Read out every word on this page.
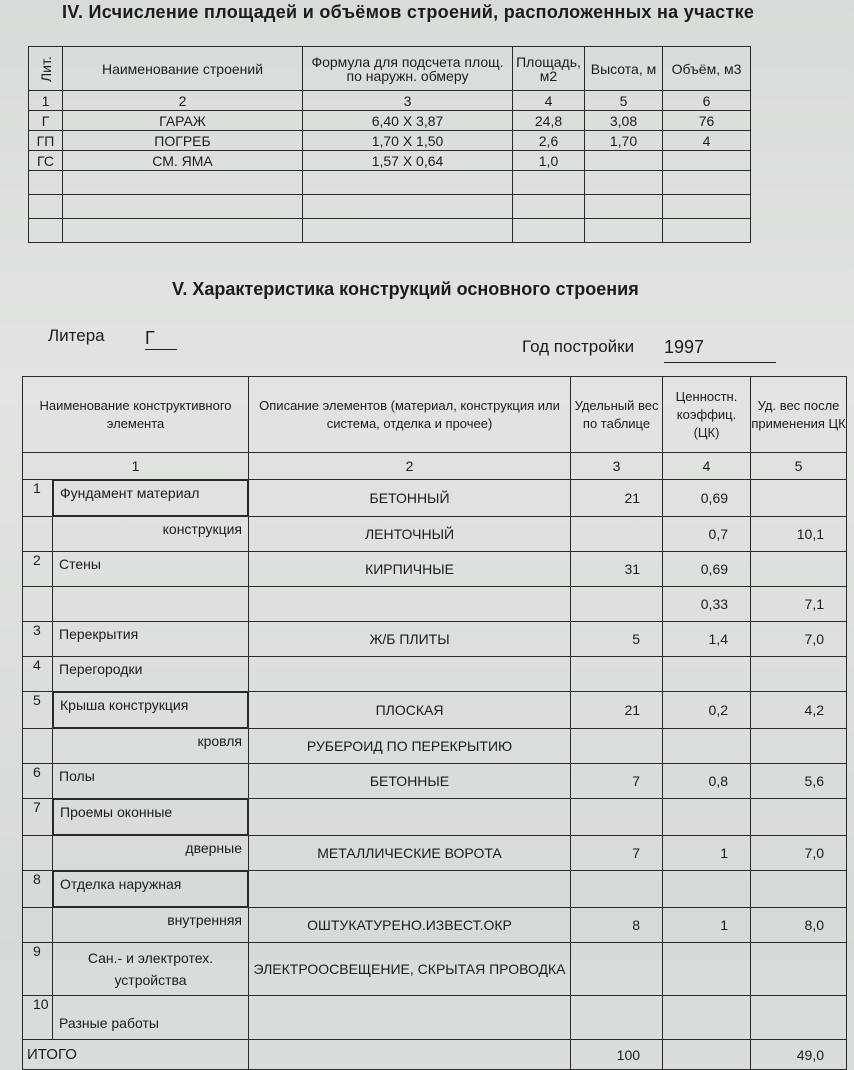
IV. Исчисление площадей и объёмов строений, расположенных на участке
Лит.	Наименование строений	Формула для подсчета площ. по наружн. обмеру	Площадь, м2	Высота, м	Объём, м3
1	2	3	4	5	6
Г	ГАРАЖ	6,40 Х 3,87	24,8	3,08	76
ГП	ПОГРЕБ	1,70 Х 1,50	2,6	1,70	4
ГС	СМ. ЯМА	1,57 Х 0,64	1,0		

V. Характеристика конструкций основного строения
Литера Г	Год постройки 1997
Наименование конструктивного элемента		Описание элементов (материал, конструкция или система, отделка и прочее)	Удельный вес по таблице	Ценностн. коэффиц. (ЦК)	Уд. вес после применения ЦК
1		2	3	4	5
1		Фундамент материал	БЕТОННЫЙ	21	0,69	
	конструкция	ЛЕНТОЧНЫЙ		0,7	10,1
2	Стены	КИРПИЧНЫЕ	31	0,69	
				0,33	7,1
3	Перекрытия	Ж/Б ПЛИТЫ	5	1,4	7,0
4	Перегородки				
5		Крыша конструкция	ПЛОСКАЯ	21	0,2	4,2
	кровля	РУБЕРОИД ПО ПЕРЕКРЫТИЮ			
6	Полы	БЕТОННЫЕ	7	0,8	5,6
7		Проемы оконные

	дверные	МЕТАЛЛИЧЕСКИЕ ВОРОТА	7	1	7,0
8		Отделка наружная

	внутренняя	ОШТУКАТУРЕНО.ИЗВЕСТ.ОКР	8	1	8,0
9	Сан.- и электротех. устройства	ЭЛЕКТРООСВЕЩЕНИЕ, СКРЫТАЯ ПРОВОДКА			
10	Разные работы				
ИТОГО			100		49,0
